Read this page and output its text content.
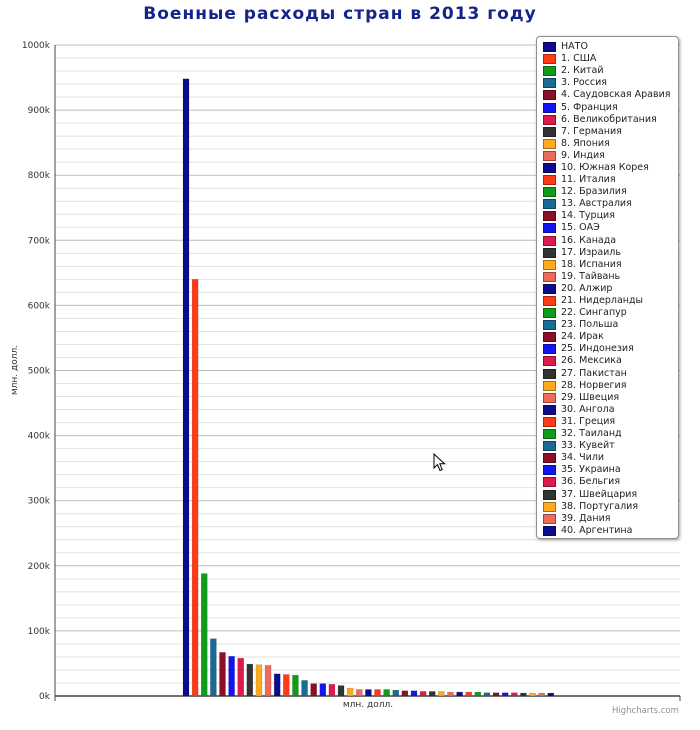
Военные расходы стран в 2013 году
0k
100k
200k
300k
400k
500k
600k
700k
800k
900k
1000k
млн. долл.
млн. долл.
НАТО
1. США
2. Китай
3. Россия
4. Саудовская Аравия
5. Франция
6. Великобритания
7. Германия
8. Япония
9. Индия
10. Южная Корея
11. Италия
12. Бразилия
13. Австралия
14. Турция
15. ОАЭ
16. Канада
17. Израиль
18. Испания
19. Тайвань
20. Алжир
21. Нидерланды
22. Сингапур
23. Польша
24. Ирак
25. Индонезия
26. Мексика
27. Пакистан
28. Норвегия
29. Швеция
30. Ангола
31. Греция
32. Таиланд
33. Кувейт
34. Чили
35. Украина
36. Бельгия
37. Швейцария
38. Португалия
39. Дания
40. Аргентина
Highcharts.com
